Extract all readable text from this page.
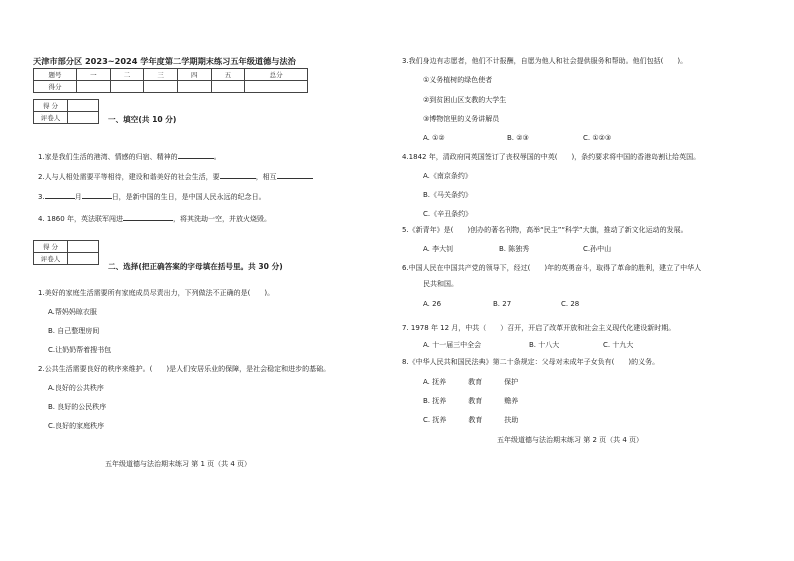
天津市部分区 2023~2024 学年度第二学期期末练习五年级道德与法治
题号	一	二	三	四	五	总分
得分						
得 分	
评卷人		一、填空(共 10 分)
1.家是我们生活的港湾、情感的归宿、精神的	。
2.人与人相处需要平等相待，建设和谐美好的社会生活，要	，相互
3.	月	日，是新中国的生日，是中国人民永远的纪念日。
4. 1860 年，英法联军闯进	，将其洗劫一空，并放火烧毁。
得 分	
评卷人	
二、选择(把正确答案的字母填在括号里。共 30 分)
1.美好的家庭生活需要所有家庭成员尽责出力，下列做法不正确的是(　　)。
A.帮妈妈晾衣服
B. 自己整理房间
C.让奶奶帮着搜书包
2.公共生活需要良好的秩序来维护。(　　)是人们安居乐业的保障，是社会稳定和进步的基础。
A.良好的公共秩序
B. 良好的公民秩序
C.良好的家庭秩序
五年级道德与法治期末练习 第 1 页（共 4 页）
3.我们身边有志愿者，他们不计报酬，自愿为他人和社会提供服务和帮助。他们包括(　　)。
①义务植树的绿色使者
②到贫困山区支教的大学生
③博物馆里的义务讲解员
A. ①②	B. ②③	C. ①②③
4.1842 年，清政府同英国签订了丧权辱国的中英(　　)，条约要求将中国的香港岛割让给英国。
A.《南京条约》
B.《马关条约》
C.《辛丑条约》
5.《新青年》是(　　)创办的著名刊物，高举“民主”“科学”大旗，推动了新文化运动的发展。
A. 李大钊	B. 陈独秀	C.孙中山
6.中国人民在中国共产党的领导下，经过(　　)年的英勇奋斗，取得了革命的胜利，建立了中华人
民共和国。
A. 26	B. 27	C. 28
7. 1978 年 12 月，中共（　　）召开，开启了改革开放和社会主义现代化建设新时期。
A. 十一届三中全会	B. 十八大	C. 十九大
8.《中华人民共和国民法典》第二十条规定：父母对未成年子女负有(　　)的义务。
A. 抚养	教育	保护
B. 抚养	教育	赡养
C. 抚养	教育	扶助
五年级道德与法治期末练习 第 2 页（共 4 页）
